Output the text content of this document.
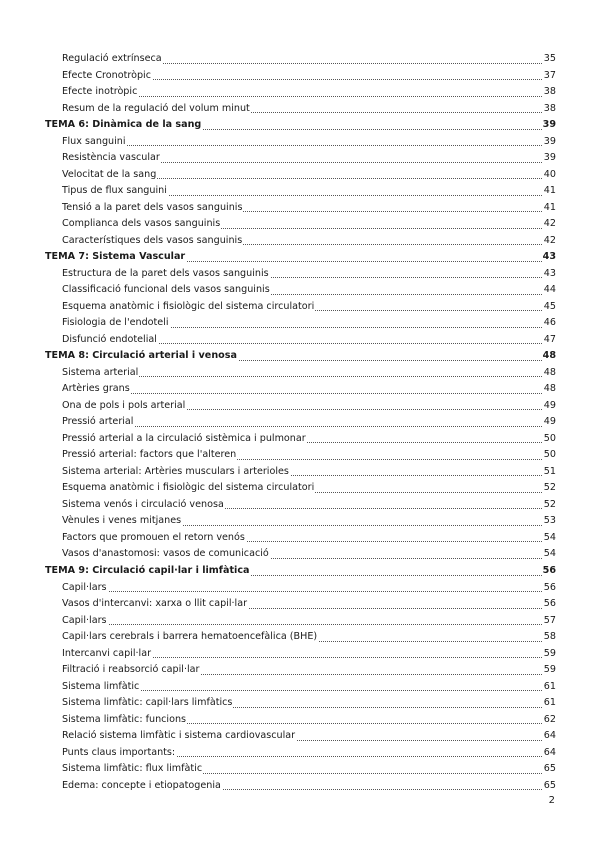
Regulació extrínseca	35
Efecte Cronotròpic	37
Efecte inotròpic	38
Resum de la regulació del volum minut	38
TEMA 6: Dinàmica de la sang	39
Flux sanguini	39
Resistència vascular	39
Velocitat de la sang	40
Tipus de flux sanguini	41
Tensió a la paret dels vasos sanguinis	41
Complianca dels vasos sanguinis	42
Característiques dels vasos sanguinis	42
TEMA 7: Sistema Vascular	43
Estructura de la paret dels vasos sanguinis	43
Classificació funcional dels vasos sanguinis	44
Esquema anatòmic i fisiològic del sistema circulatori	45
Fisiologia de l'endoteli	46
Disfunció endotelial	47
TEMA 8: Circulació arterial i venosa	48
Sistema arterial	48
Artèries grans	48
Ona de pols i pols arterial	49
Pressió arterial	49
Pressió arterial a la circulació sistèmica i pulmonar	50
Pressió arterial: factors que l'alteren	50
Sistema arterial: Artèries musculars i arterioles	51
Esquema anatòmic i fisiològic del sistema circulatori	52
Sistema venós i circulació venosa	52
Vènules i venes mitjanes	53
Factors que promouen el retorn venós	54
Vasos d'anastomosi: vasos de comunicació	54
TEMA 9: Circulació capil·lar i limfàtica	56
Capil·lars	56
Vasos d'intercanvi: xarxa o llit capil·lar	56
Capil·lars	57
Capil·lars cerebrals i barrera hematoencefàlica (BHE)	58
Intercanvi capil·lar	59
Filtració i reabsorció capil·lar	59
Sistema limfàtic	61
Sistema limfàtic: capil·lars limfàtics	61
Sistema limfàtic: funcions	62
Relació sistema limfàtic i sistema cardiovascular	64
Punts claus importants:	64
Sistema limfàtic: flux limfàtic	65
Edema: concepte i etiopatogenia	65
2
